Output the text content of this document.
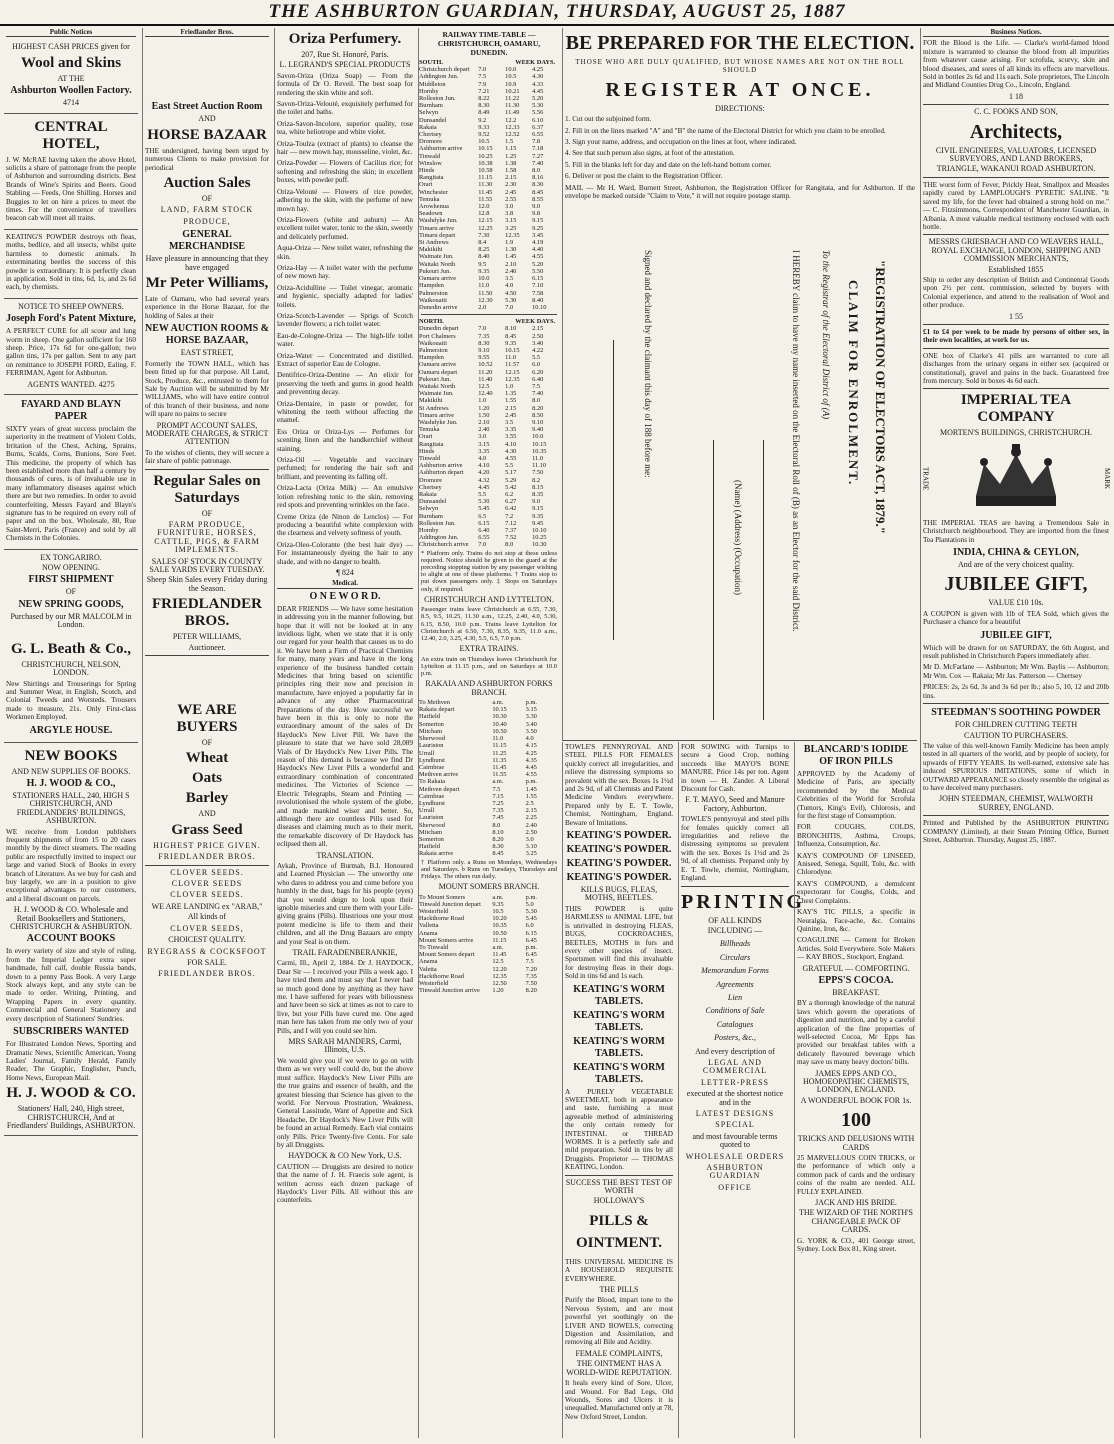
THE ASHBURTON GUARDIAN, THURSDAY, AUGUST 25, 1887
Public Notices
HIGHEST CASH PRICES given for
Wool and Skins
AT THE
Ashburton Woollen Factory.
4714
CENTRAL HOTEL,

J. W. McRAE having taken the above Hotel, solicits a share of patronage from the people of Ashburton and surrounding districts. Best Brands of Wine's Spirits and Beers. Good Stabling — Feeds, One Shilling. Horses and Buggies to let on hire a prices to meet the times. For the convenience of travellers beacon cab will meet all trains.

KEATING'S POWDER destroys oth fleas, moths, bedlice, and all insects, whilst quite harmless to domestic animals. In exterminating beetles the success of this powder is extraordinary. It is perfectly clean in application. Sold in tins, 6d, 1s, and 2s 6d each, by chemists.

NOTICE TO SHEEP OWNERS.
Joseph Ford's Patent Mixture,

A PERFECT CURE for all scour and lung worm in sheep. One gallon sufficient for 160 sheep. Price, 17s 6d for one-gallon; two gallon tins, 17s per gallon. Sent to any part on remittance to JOSEPH FORD, Ealing. F. FERRIMAN, Agent for Ashburton.

AGENTS WANTED. 4275
FAYARD AND BLAYN PAPER

SIXTY years of great success proclaim the superiority in the treatment of Violent Colds, Irritation of the Chest, Aching, Sprains, Burns, Scalds, Corns, Bunions, Sore Feet. This medicine, the property of which has been established more than half a century by thousands of cures, is of invaluable use in many inflammatory diseases against which there are but two remedies. In order to avoid counterfeiting, Messrs Fayard and Blayn's signature has to be required on every roll of paper and on the box. Wholesale, 80, Rue Saint-Merri, Paris (France) and sold by all Chemists in the Colonies.

EX TONGARIRO.
NOW OPENING.
FIRST SHIPMENT
OF
NEW SPRING GOODS,
Purchased by our MR MALCOLM in London.
G. L. Beath & Co.,
CHRISTCHURCH, NELSON, LONDON.

New Shirtings and Trouserings for Spring and Summer Wear, in English, Scotch, and Colonial Tweeds and Worsteds. Trousers made to measure, 21s. Only First-class Workmen Employed.

ARGYLE HOUSE.
NEW BOOKS
AND NEW SUPPLIES OF BOOKS.
H. J. WOOD & CO.,
STATIONERS HALL, 240, HIGH S CHRISTCHURCH, AND FRIEDLANDERS' BUILDINGS, ASHBURTON.

WE receive from London publishers frequent shipments of from 15 to 20 cases monthly by the direct steamers. The reading public are respectfully invited to inspect our large and varied Stock of Books in every branch of Literature. As we buy for cash and buy largely, we are in a position to give exceptional advantages to our customers, and a liberal discount on parcels.

H. J. WOOD & CO. Wholesale and Retail Booksellers and Stationers, CHRISTCHURCH & ASHBURTON.
ACCOUNT BOOKS

In every variety of size and style of ruling, from the Imperial Ledger extra super handmade, full calf, double Russia bands, down to a penny Pass Book. A very Large Stock always kept, and any style can be made to order. Writing, Printing, and Wrapping Papers in every quantity. Commercial and General Stationery and every description of Stationers' Sundries.

SUBSCRIBERS WANTED

For Illustrated London News, Sporting and Dramatic News, Scientific American, Young Ladies' Journal, Family Herald, Family Reader, The Graphic, Englisher, Punch, Home News, European Mail.

H. J. WOOD & CO.
Stationers' Hall, 240, High street, CHRISTCHURCH, And at Friedlanders' Buildings, ASHBURTON.
Friedlander Bros.
East Street Auction Room
AND
HORSE BAZAAR

THE undersigned, having been urged by numerous Clients to make provision for periodical

Auction Sales
OF
LAND, FARM STOCK
PRODUCE,
GENERAL MERCHANDISE
Have pleasure in announcing that they have engaged
Mr Peter Williams,

Late of Oamaru, who had several years experience in the Horse Bazaar, for the holding of Sales at their

NEW AUCTION ROOMS & HORSE BAZAAR,
EAST STREET,

Formerly the TOWN HALL, which has been fitted up for that purpose. All Land, Stock, Produce, &c., entrusted to them for Sale by Auction will be submitted by Mr WILLIAMS, who will have entire control of this branch of their business, and none will spare no pains to secure

PROMPT ACCOUNT SALES, MODERATE CHARGES, & STRICT ATTENTION

To the wishes of clients, they will secure a fair share of public patronage.

Regular Sales on Saturdays
OF
FARM PRODUCE, FURNITURE, HORSES, CATTLE, PIGS, & FARM IMPLEMENTS.
SALES OF STOCK IN COUNTY SALE YARDS EVERY TUESDAY.
Sheep Skin Sales every Friday during the Season.
FRIEDLANDER BROS.
PETER WILLIAMS,
Auctioneer.
WE ARE BUYERS
OF
Wheat
Oats
Barley
AND
Grass Seed
HIGHEST PRICE GIVEN.
FRIEDLANDER BROS.
CLOVER SEEDS.
CLOVER SEEDS
CLOVER SEEDS.
WE ARE LANDING ex "ARAB,"
All kinds of
CLOVER SEEDS,
CHOICEST QUALITY.
RYEGRASS & COCKSFOOT
FOR SALE.
FRIEDLANDER BROS.
Oriza Perfumery.
207, Rue St. Honoré, Paris.
L. LEGRAND'S SPECIAL PRODUCTS

Savon-Oriza (Oriza Soap) — From the formula of Dr O. Reveil. The best soap for rendering the skin white and soft.

Savon-Oriza-Velouté, exquisitely perfumed for the toilet and baths.

Oriza-Savon-Incolore, superior quality, rose tea, white heliotrope and white violet.

Oriza-Toulza (extract of plants) to cleanse the hair — new mown hay, mousseline, violet, &c.

Oriza-Powder — Flowers of Cacilius rice; for softening and refreshing the skin; in excellent boxes, with powder puff.

Oriza-Velouté — Flowers of rice powder, adhering to the skin, with the perfume of new mown hay.

Oriza-Flowers (white and auburn) — An excellent toilet water, tonic to the skin, sweetly and delicately perfumed.

Aqua-Oriza — New toilet water, refreshing the skin.

Oriza-Hay — A toilet water with the perfume of new mown hay.

Oriza-Acidulline — Toilet vinegar, aromatic and hygienic, specially adapted for ladies' toilets.

Oriza-Scotch-Lavender — Sprigs of Scotch lavender flowers; a rich toilet water.

Eau-de-Cologne-Oriza — The high-life toilet water.

Oriza-Water — Concentrated and distilled. Extract of superior Eau de Cologne.

Dentifrice-Oriza-Dentine — An elixir for preserving the teeth and gums in good health and preventing decay.

Oriza-Dentaire, in paste or powder, for whitening the teeth without affecting the enamel.

Ess Oriza or Oriza-Lys — Perfumes for scenting linen and the handkerchief without staining.

Oriza-Oil — Vegetable and vaccinary perfumed; for rendering the hair soft and brilliant, and preventing its falling off.

Oriza-Lacta (Oriza Milk) — An emulsive lotion refreshing tonic to the skin, removing red spots and preventing wrinkles on the face.

Creme Oriza (de Ninon de Lenclos) — For producing a beautiful white complexion with the clearness and velvety softness of youth.

Oriza-Oleo-Colorante (the best hair dye) — For instantaneously dyeing the hair to any shade, and with no danger to health.

¶ 824
Medical.
O N E W O R D.

DEAR FRIENDS — We have some hesitation in addressing you in the manner following, but hope that it will not be looked at in any invidious light, when we state that it is only our regard for your health that causes us to do it. We have been a Firm of Practical Chemists for many, many years and have in the long experience of the business handled certain Medicines that bring based on scientific principles ring their now and precision in manufacture, have enjoyed a popularity far in advance of any other Pharmaceutical Preparations of the day. How successful we have been in this is only to note the extraordinary amount of the sales of Dr Haydock's New Liver Pill. We have the pleasure to state that we have sold 28,089 Vials of Dr Haydock's New Liver Pills. The reason of this demand is because we find Dr Haydock's New Liver Pills a wonderful and extraordinary combination of concentrated medicines. The Victories of Science — Electric Telegraphs, Steam and Printing — revolutionised the whole system of the globe, and made mankind wiser and better. So, although there are countless Pills used for diseases and claiming much as to their merit, the remarkable discovery of Dr Haydock has eclipsed them all.

TRANSLATION.

Aykah, Province of Burmah, B.I. Honoured and Learned Physician — The unworthy one who dares to address you and come before you humbly in the dust, bags for his people (eyes) that you would deign to look upon their ignoble miseries and cure them with your Life-giving grains (Pills). Illustrious one your most potent medicine is life to them and their children, and all the Drug Bazaars are empty and your Seal is on them.

TRAIL FARADENBERANKIE,

Carmi, Ill., April 2, 1884. Dr J. HAYDOCK, Dear Sir — I received your Pills a week ago. I have tried them and must say that I never had so much good done by anything as they have me. I have suffered for years with biliousness and have been so sick at times as not to care to live, but your Pills have cured me. One aged man here has taken from me only two of your Pills, and I will you could see him.

MRS SARAH MANDERS, Carmi, Illinois, U.S.

We would give you if we were to go on with them as we very well could do, but the above must suffice. Haydock's New Liver Pills are the true grains and essence of health, and the greatest blessing that Science has given to the world. For Nervous Prostration, Weakness, General Lassitude, Want of Appetite and Sick Headache, Dr Haydock's New Liver Pills will be found an actual Remedy. Each vial contains only Pills. Price Twenty-five Cents. For sale by all Druggists.

HAYDOCK & CO New York, U.S.

CAUTION — Druggists are desired to notice that the name of J. H. Fraecis sole agent, is written across each dozen package of Haydock's Liver Pills. All without this are counterfeits.

RAILWAY TIME-TABLE — CHRISTCHURCH, OAMARU, DUNEDIN.
SOUTH.	WEEK DAYS.
Christchurch depart	7.0	10.0	4.25
Addington Jun.	7.5	10.5	4.30
Middleton	7.9	10.9	4.33
Hornby	7.21	10.21	4.45
Rolleston Jun.	8.22	11.22	5.20
Burnham	8.30	11.30	5.30
Selwyn	8.49	11.49	5.56
Dunsandel	9.2	12.2	6.10
Rakaia	9.33	12.33	6.37
Chertsey	9.52	12.52	6.55
Dromore	10.5	1.5	7.8
Ashburton arrive	10.15	1.15	7.18
Tinwald	10.25	1.25	7.27
Winslow	10.38	1.38	7.40
Hinds	10.58	1.58	8.0
Rangitata	11.15	2.15	8.16
Orari	11.30	2.30	8.30
Winchester	11.45	2.45	8.45
Temuka	11.55	2.55	8.55
Arowhenua	12.0	3.0	9.0
Seadown	12.8	3.8	9.8
Washdyke Jun.	12.15	3.15	9.15
Timaru arrive	12.25	3.25	9.25
Timaru depart	7.30	12.35	3.45
St Andrews	8.4	1.9	4.19
Makikihi	8.25	1.30	4.40
Waimate Jun.	8.40	1.45	4.55
Waitaki North	9.5	2.10	5.20
Pukeuri Jun.	9.35	2.40	5.50
Oamaru arrive	10.0	3.5	6.15
Hampden	11.0	4.0	7.10
Palmerston	11.50	4.50	7.58
Waikouaiti	12.30	5.30	8.40
Dunedin arrive	2.0	7.0	10.10
NORTH.	WEEK DAYS.
Dunedin depart	7.0	8.10	2.15
Port Chalmers	7.35	8.45	2.50
Waikouaiti	8.30	9.35	3.40
Palmerston	9.10	10.15	4.22
Hampden	9.55	11.0	5.5
Oamaru arrive	10.52	11.57	6.0
Oamaru depart	11.20	12.15	6.20
Pukeuri Jun.	11.40	12.35	6.40
Waitaki North	12.5	1.0	7.5
Waimate Jun.	12.40	1.35	7.40
Makikihi	1.0	1.55	8.0
St Andrews	1.20	2.15	8.20
Timaru arrive	1.50	2.45	8.50
Washdyke Jun.	2.10	3.5	9.10
Temuka	2.40	3.35	9.40
Orari	3.0	3.55	10.0
Rangitata	3.15	4.10	10.15
Hinds	3.35	4.30	10.35
Tinwald	4.0	4.55	11.0
Ashburton arrive	4.10	5.5	11.10
Ashburton depart	4.20	5.17	7.50
Dromore	4.32	5.29	8.2
Chertsey	4.45	5.42	8.15
Rakaia	5.5	6.2	8.35
Dunsandel	5.30	6.27	9.0
Selwyn	5.45	6.42	9.15
Burnham	6.5	7.2	9.35
Rolleston Jun.	6.15	7.12	9.45
Hornby	6.40	7.37	10.10
Addington Jun.	6.55	7.52	10.25
Christchurch arrive	7.0	8.0	10.30

* Platform only. Trains do not stop at these unless required. Notice should be given to the guard at the preceding stopping station by any passenger wishing to alight at one of these platforms. † Trains stop to put down passengers only. ‡ Stops on Saturdays only, if required.

CHRISTCHURCH AND LYTTELTON.

Passenger trains leave Christchurch at 6.55, 7.30, 8.5, 9.5, 10.25, 11.30 a.m., 12.25, 2.40, 4.0, 5.30, 6.15, 8.50, 10.0 p.m. Trains leave Lyttelton for Christchurch at 6.50, 7.30, 8.35, 9.35, 11.0 a.m., 12.40, 2.0, 3.25, 4.30, 5.5, 6.5, 7.0 p.m.

EXTRA TRAINS.

An extra train on Thursdays leaves Christchurch for Lyttelton at 11.15 p.m., and on Saturdays at 10.0 p.m.

RAKAIA AND ASHBURTON FORKS BRANCH.
To Methven	a.m.	p.m.
Rakaia depart	10.15	3.15
Hatfield	10.30	3.30
Somerton	10.40	3.40
Mitcham	10.50	3.50
Sherwood	11.0	4.0
Lauriston	11.15	4.15
Urrall	11.25	4.25
Lyndhurst	11.35	4.35
Cairnbrae	11.45	4.45
Methven arrive	11.55	4.55
To Rakaia	a.m.	p.m.
Methven depart	7.5	1.45
Cairnbrae	7.15	1.55
Lyndhurst	7.25	2.5
Urrall	7.35	2.15
Lauriston	7.45	2.25
Sherwood	8.0	2.40
Mitcham	8.10	2.50
Somerton	8.20	3.0
Hatfield	8.30	3.10
Rakaia arrive	8.45	3.25

† Platform only. a Runs on Mondays, Wednesdays and Saturdays. b Runs on Tuesdays, Thursdays and Fridays. The others run daily.

MOUNT SOMERS BRANCH.
To Mount Somers	a.m.	p.m.
Tinwald Junction depart	9.35	5.0
Westerfield	10.5	5.30
Hackthorne Road	10.20	5.45
Valletta	10.35	6.0
Anama	10.50	6.15
Mount Somers arrive	11.15	6.45
To Tinwald	a.m.	p.m.
Mount Somers depart	11.45	6.45
Anama	12.5	7.5
Valetta	12.20	7.20
Hackthorne Road	12.35	7.35
Westerfield	12.50	7.50
Tinwald Junction arrive	1.20	8.20
BE PREPARED FOR THE ELECTION.
THOSE WHO ARE DULY QUALIFIED, BUT WHOSE NAMES ARE NOT ON THE ROLL SHOULD
REGISTER AT ONCE.
DIRECTIONS:

1. Cut out the subjoined form.

2. Fill in on the lines marked "A" and "B" the name of the Electoral District for which you claim to be enrolled.

3. Sign your name, address, and occupation on the lines at foot, where indicated.

4. See that such person also signs, at foot of the attestation.

5. Fill in the blanks left for day and date on the left-hand bottom corner.

6. Deliver or post the claim to the Registration Officer.

MAIL — Mr H. Ward, Burnett Street, Ashburton, the Registration Officer for Rangitata, and for Ashburton. If the envelope be marked outside "Claim to Vote," it will not require postage stamp.

"REGISTRATION OF ELECTORS ACT, 1879."
CLAIM FOR ENROLMENT.
To the Registrar of the Electoral District of (A)
I HEREBY claim to have my name inserted on the Electoral Roll of (B) as an Elector for the said District.
Signed and declared by the claimant this day of 188 before me:
(Name) (Address) (Occupation)

TOWLE'S PENNYROYAL AND STEEL PILLS FOR FEMALES quickly correct all irregularities, and relieve the distressing symptoms so prevalent with the sex. Boxes 1s 1½d and 2s 9d, of all Chemists and Patent Medicine Vendors everywhere. Prepared only by E. T. Towle, Chemist, Nottingham, England. Beware of Imitations.

KEATING'S POWDER.
KEATING'S POWDER.
KEATING'S POWDER.
KEATING'S POWDER.
KILLS BUGS, FLEAS, MOTHS, BEETLES.

THIS POWDER is quite HARMLESS to ANIMAL LIFE, but is unrivalled in destroying FLEAS, BUGS, COCKROACHES, BEETLES, MOTHS in furs and every other species of insect. Sportsmen will find this invaluable for destroying fleas in their dogs. Sold in tins 6d and 1s each.

KEATING'S WORM TABLETS.
KEATING'S WORM TABLETS.
KEATING'S WORM TABLETS.
KEATING'S WORM TABLETS.

A PURELY VEGETABLE SWEETMEAT, both in appearance and taste, furnishing a most agreeable method of administering the only certain remedy for INTESTINAL or THREAD WORMS. It is a perfectly safe and mild preparation. Sold in tins by all Druggists. Proprietor — THOMAS KEATING, London.

SUCCESS THE BEST TEST OF WORTH
HOLLOWAY'S
PILLS & OINTMENT.

THIS UNIVERSAL MEDICINE IS A HOUSEHOLD REQUISITE EVERYWHERE.

THE PILLS

Purify the Blood, impart tone to the Nervous System, and are most powerful yet soothingly on the LIVER AND BOWELS, correcting Digestion and Assimilation, and removing all Bile and Acidity.

FEMALE COMPLAINTS,
THE OINTMENT HAS A WORLD-WIDE REPUTATION.

It heals every kind of Sore, Ulcer, and Wound. For Bad Legs, Old Wounds, Sores and Ulcers it is unequalled. Manufactured only at 78, New Oxford Street, London.

FOR SOWING with Turnips to secure a Good Crop, nothing succeeds like MAYO'S BONE MANURE. Price 14s per ton. Agent in town — H. Zander. A Liberal Discount for Cash.

F. T. MAYO, Seed and Manure Factory, Ashburton.

TOWLE'S pennyroyal and steel pills for females quickly correct all irregularities and relieve the distressing symptoms so prevalent with the sex. Boxes 1s 1½d and 2s 9d, of all chemists. Prepared only by E. T. Towle, chemist, Nottingham, England.

PRINTING
OF ALL KINDS
INCLUDING —
Billheads
Circulars
Memorandum Forms
Agreements
Lien
Conditions of Sale
Catalogues
Posters, &c.,
And every description of
LEGAL AND COMMERCIAL
LETTER-PRESS
executed at the shortest notice and in the
LATEST DESIGNS
SPECIAL
and most favourable terms quoted to
WHOLESALE ORDERS
ASHBURTON GUARDIAN
OFFICE
BLANCARD'S IODIDE OF IRON PILLS

APPROVED by the Academy of Medicine of Paris, are specially recommended by the Medical Celebrities of the World for Scrofula (Tumors, King's Evil), Chlorosis, and for the first stage of Consumption.

FOR COUGHS, COLDS, BRONCHITIS, Asthma, Croups, Influenza, Consumption, &c.

KAY'S COMPOUND OF LINSEED, Aniseed, Senega, Squill, Tolu, &c. with Chlorodyne.

KAY'S COMPOUND, a demulcent expectorant for Coughs, Colds, and Chest Complaints.

KAY'S TIC PILLS, a specific in Neuralgia, Face-ache, &c. Contains Quinine, Iron, &c.

COAGULINE — Cement for Broken Articles. Sold Everywhere. Sole Makers — KAY BROS., Stockport, England.

GRATEFUL — COMFORTING.
EPPS'S COCOA.
BREAKFAST.

BY a thorough knowledge of the natural laws which govern the operations of digestion and nutrition, and by a careful application of the fine properties of well-selected Cocoa, Mr Epps has provided our breakfast tables with a delicately flavoured beverage which may save us many heavy doctors' bills.

JAMES EPPS AND CO., HOMOEOPATHIC CHEMISTS, LONDON, ENGLAND.
A WONDERFUL BOOK FOR 1s.
100
TRICKS AND DELUSIONS WITH CARDS

25 MARVELLOUS COIN TRICKS, or the performance of which only a common pack of cards and the ordinary coins of the realm are needed. ALL FULLY EXPLAINED.

JACK AND HIS BRIDE.
THE WIZARD OF THE NORTH'S CHANGEABLE PACK OF CARDS.

G. YORK & CO., 401 George street, Sydney. Lock Box 81, King street.

Business Notices.

FOR the Blood is the Life. — Clarke's world-famed blood mixture is warranted to cleanse the blood from all impurities from whatever cause arising. For scrofula, scurvy, skin and blood diseases, and sores of all kinds its effects are marvellous. Sold in bottles 2s 6d and 11s each. Sole proprietors, The Lincoln and Midland Counties Drug Co., Lincoln, England.

1 18
C. C. FOOKS AND SON,
Architects,
CIVIL ENGINEERS, VALUATORS, LICENSED SURVEYORS, AND LAND BROKERS,
TRIANGLE, WAKANUI ROAD ASHBURTON.

THE worst form of Fever, Prickly Heat, Smallpox and Measles rapidly cured by LAMPLOUGH'S PYRETIC SALINE. "It saved my life, for the fever had obtained a strong hold on me." — C. Fitzsimmons, Correspondent of Manchester Guardian, in Albania. A most valuable medical testimony enclosed with each bottle.

MESSRS GRIESBACH AND CO WEAVERS HALL, ROYAL EXCHANGE, LONDON, SHIPPING AND COMMISSION MERCHANTS,
Established 1855

Ship to order any description of British and Continental Goods upon 2½ per cent. commission, selected by buyers with Colonial experience, and attend to the realisation of Wool and other produce.

1 55

£1 to £4 per week to be made by persons of either sex, in their own localities, at work for us.

ONE box of Clarke's 41 pills are warranted to cure all discharges from the urinary organs in either sex (acquired or constitutional), gravel and pains in the back. Guaranteed free from mercury. Sold in boxes 4s 6d each.

IMPERIAL TEA COMPANY
MORTEN'S BUILDINGS, CHRISTCHURCH.
TRADE	MARK

THE IMPERIAL TEAS are having a Tremendous Sale in Christchurch neighbourhood. They are imported from the finest Tea Plantations in

INDIA, CHINA & CEYLON,
And are of the very choicest quality.
JUBILEE GIFT,
VALUE £10 10s.

A COUPON is given with 1lb of TEA Sold, which gives the Purchaser a chance for a beautiful

JUBILEE GIFT,

Which will be drawn for on SATURDAY, the 6th August, and result published in Christchurch Papers immediately after.

Mr D. McFarlane — Ashburton; Mr Wm. Baylis — Ashburton; Mr Wm. Cox — Rakaia; Mr Jas. Patterson — Chertsey

PRICES: 2s, 2s 6d, 3s and 3s 6d per lb.; also 5, 10, 12 and 20lb tins.

STEEDMAN'S SOOTHING POWDER
FOR CHILDREN CUTTING TEETH
CAUTION TO PURCHASERS.

The value of this well-known Family Medicine has been amply tested in all quarters of the world, and by people of society, for upwards of FIFTY YEARS. Its well-earned, extensive sale has induced SPURIOUS IMITATIONS, some of which in OUTWARD APPEARANCE so closely resemble the original as to have deceived many purchasers.

JOHN STEEDMAN, CHEMIST, WALWORTH SURREY, ENGLAND.

Printed and Published by the ASHBURTON PRINTING COMPANY (Limited), at their Steam Printing Office, Burnett Street, Ashburton. Thursday, August 25, 1887.
